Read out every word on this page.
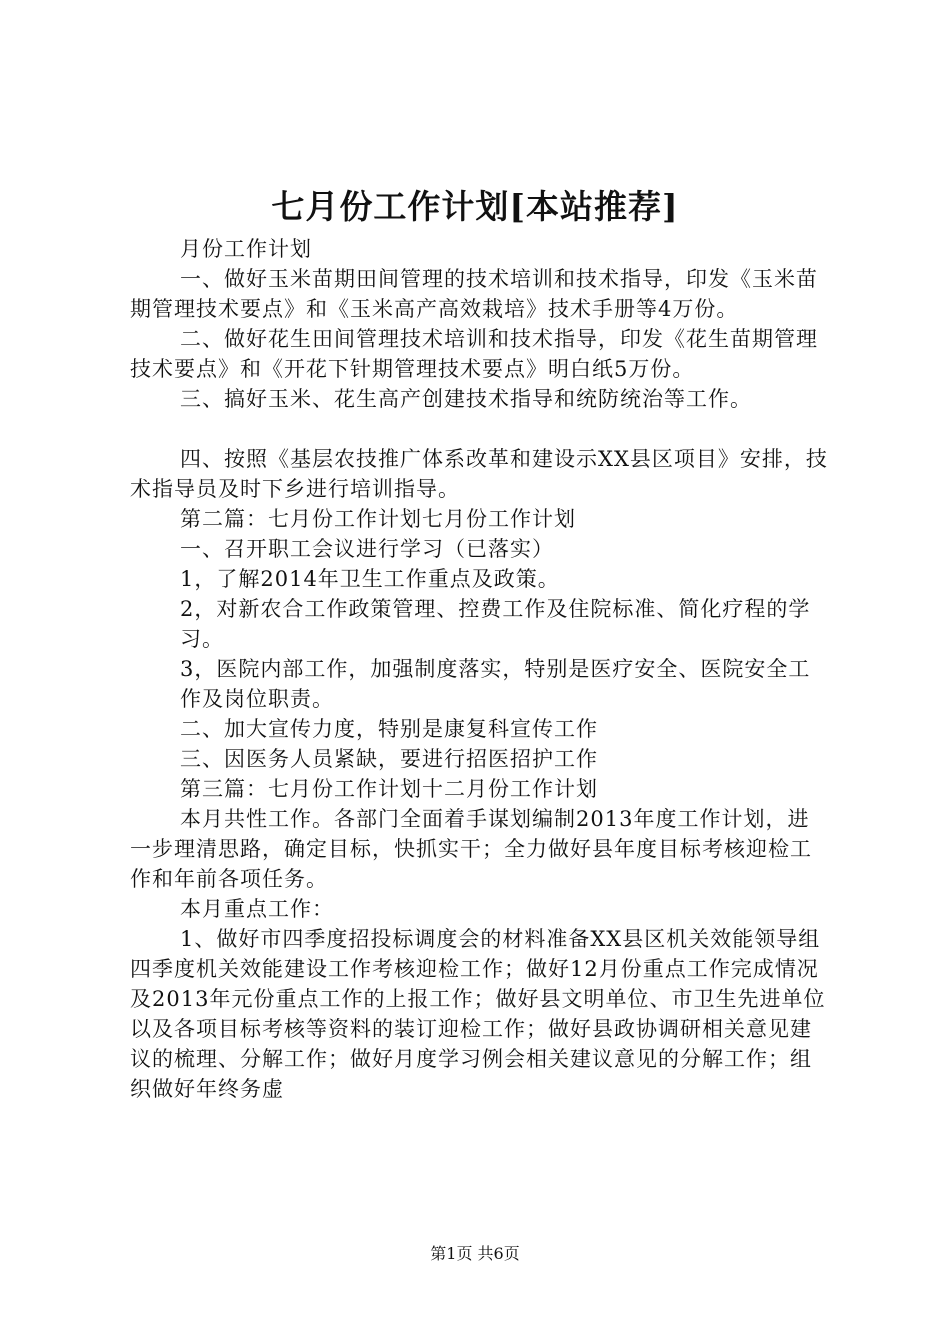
七月份工作计划[本站推荐]

月份工作计划

一、做好玉米苗期田间管理的技术培训和技术指导，印发《玉米苗期管理技术要点》和《玉米高产高效栽培》技术手册等4万份。

二、做好花生田间管理技术培训和技术指导，印发《花生苗期管理技术要点》和《开花下针期管理技术要点》明白纸5万份。

三、搞好玉米、花生高产创建技术指导和统防统治等工作。

四、按照《基层农技推广体系改革和建设示XX县区项目》安排，技术指导员及时下乡进行培训指导。

第二篇：七月份工作计划七月份工作计划

一、召开职工会议进行学习（已落实）

1，了解2014年卫生工作重点及政策。

2，对新农合工作政策管理、控费工作及住院标准、简化疗程的学习。

3，医院内部工作，加强制度落实，特别是医疗安全、医院安全工作及岗位职责。

二、加大宣传力度，特别是康复科宣传工作

三、因医务人员紧缺，要进行招医招护工作

第三篇：七月份工作计划十二月份工作计划

本月共性工作。各部门全面着手谋划编制2013年度工作计划，进一步理清思路，确定目标，快抓实干；全力做好县年度目标考核迎检工作和年前各项任务。

本月重点工作：

1、做好市四季度招投标调度会的材料准备XX县区机关效能领导组四季度机关效能建设工作考核迎检工作；做好12月份重点工作完成情况及2013年元份重点工作的上报工作；做好县文明单位、市卫生先进单位以及各项目标考核等资料的装订迎检工作；做好县政协调研相关意见建议的梳理、分解工作；做好月度学习例会相关建议意见的分解工作；组织做好年终务虚

第1页 共6页
